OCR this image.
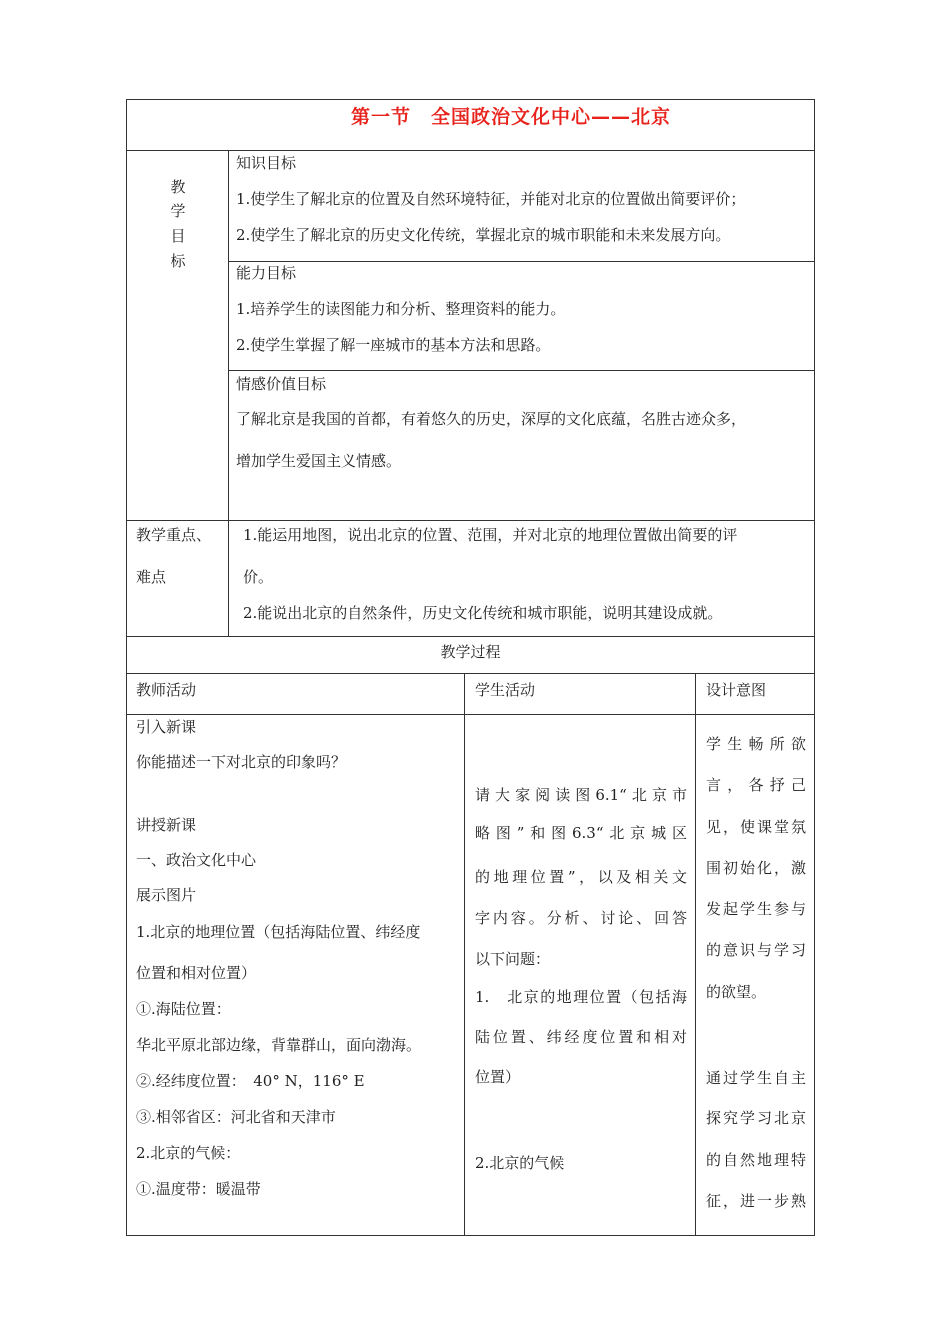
第一节　全国政治文化中心——北京
教
学
目
标
知识目标
1.使学生了解北京的位置及自然环境特征，并能对北京的位置做出简要评价；
2.使学生了解北京的历史文化传统，掌握北京的城市职能和未来发展方向。
能力目标
1.培养学生的读图能力和分析、整理资料的能力。
2.使学生掌握了解一座城市的基本方法和思路。
情感价值目标
了解北京是我国的首都，有着悠久的历史，深厚的文化底蕴，名胜古迹众多，
增加学生爱国主义情感。
教学重点、
难点
1.能运用地图，说出北京的位置、范围，并对北京的地理位置做出简要的评
价。
2.能说出北京的自然条件，历史文化传统和城市职能，说明其建设成就。
教学过程
教师活动	学生活动	设计意图
引入新课
你能描述一下对北京的印象吗？
讲授新课
一、政治文化中心
展示图片
1.北京的地理位置（包括海陆位置、纬经度
位置和相对位置）
①.海陆位置：
华北平原北部边缘，背靠群山，面向渤海。
②.经纬度位置：　40° N，116° E
③.相邻省区：河北省和天津市
2.北京的气候：
①.温度带：暖温带
请大家阅读图6.1“北京市
略图”和图6.3“北京城区
的地理位置”，以及相关文
字内容。分析、讨论、回答
以下问题：
1.　北京的地理位置（包括海
陆位置、纬经度位置和相对
位置）
2.北京的气候
学生畅所欲
言，各抒己
见，使课堂氛
围初始化，激
发起学生参与
的意识与学习
的欲望。
通过学生自主
探究学习北京
的自然地理特
征，进一步熟
